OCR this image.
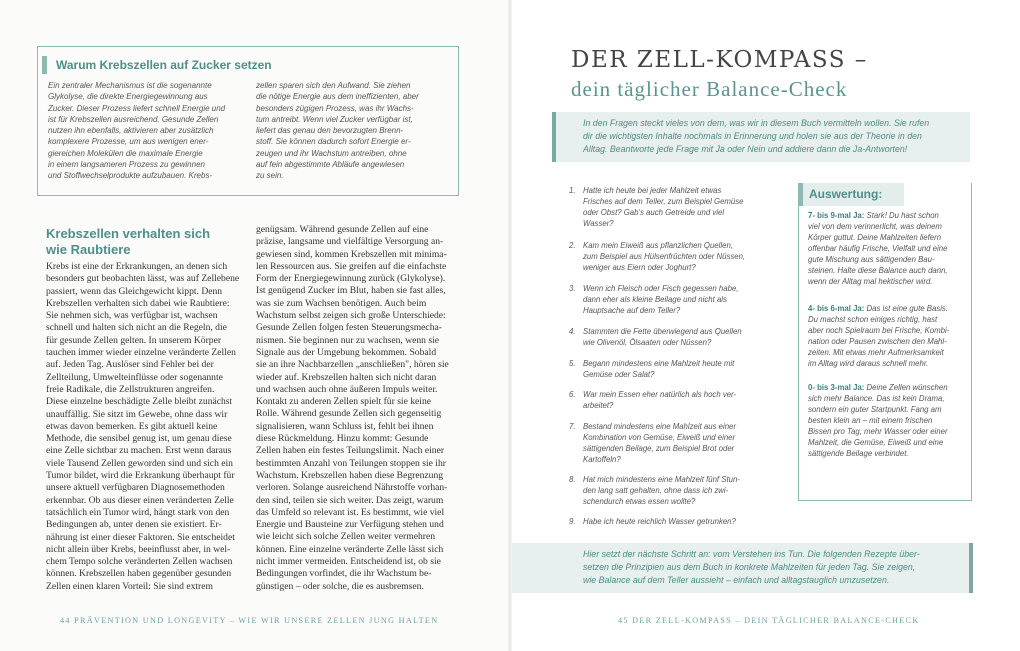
Warum Krebszellen auf Zucker setzen
Ein zentraler Mechanismus ist die sogenannte
Glykolyse, die direkte Energiegewinnung aus
Zucker. Dieser Prozess liefert schnell Energie und
ist für Krebszellen ausreichend. Gesunde Zellen
nutzen ihn ebenfalls, aktivieren aber zusätzlich
komplexere Prozesse, um aus wenigen ener-
giereichen Molekülen die maximale Energie
in einem langsameren Prozess zu gewinnen
und Stoffwechselprodukte aufzubauen. Krebs-
zellen sparen sich den Aufwand. Sie ziehen
die nötige Energie aus dem ineffizienten, aber
besonders zügigen Prozess, was ihr Wachs-
tum antreibt. Wenn viel Zucker verfügbar ist,
liefert das genau den bevorzugten Brenn-
stoff. Sie können dadurch sofort Energie er-
zeugen und ihr Wachstum antreiben, ohne
auf fein abgestimmte Abläufe angewiesen
zu sein.
Krebszellen verhalten sich
wie Raubtiere
Krebs ist eine der Erkrankungen, an denen sich
besonders gut beobachten lässt, was auf Zellebene
passiert, wenn das Gleichgewicht kippt. Denn
Krebszellen verhalten sich dabei wie Raubtiere:
Sie nehmen sich, was verfügbar ist, wachsen
schnell und halten sich nicht an die Regeln, die
für gesunde Zellen gelten. In unserem Körper
tauchen immer wieder einzelne veränderte Zellen
auf. Jeden Tag. Auslöser sind Fehler bei der
Zellteilung, Umwelteinflüsse oder sogenannte
freie Radikale, die Zellstrukturen angreifen.
Diese einzelne beschädigte Zelle bleibt zunächst
unauffällig. Sie sitzt im Gewebe, ohne dass wir
etwas davon bemerken. Es gibt aktuell keine
Methode, die sensibel genug ist, um genau diese
eine Zelle sichtbar zu machen. Erst wenn daraus
viele Tausend Zellen geworden sind und sich ein
Tumor bildet, wird die Erkrankung überhaupt für
unsere aktuell verfügbaren Diagnosemethoden
erkennbar. Ob aus dieser einen veränderten Zelle
tatsächlich ein Tumor wird, hängt stark von den
Bedingungen ab, unter denen sie existiert. Er-
nährung ist einer dieser Faktoren. Sie entscheidet
nicht allein über Krebs, beeinflusst aber, in wel-
chem Tempo solche veränderten Zellen wachsen
können. Krebszellen haben gegenüber gesunden
Zellen einen klaren Vorteil: Sie sind extrem
genügsam. Während gesunde Zellen auf eine
präzise, langsame und vielfältige Versorgung an-
gewiesen sind, kommen Krebszellen mit minima-
len Ressourcen aus. Sie greifen auf die einfachste
Form der Energiegewinnung zurück (Glykolyse).
Ist genügend Zucker im Blut, haben sie fast alles,
was sie zum Wachsen benötigen. Auch beim
Wachstum selbst zeigen sich große Unterschiede:
Gesunde Zellen folgen festen Steuerungsmecha-
nismen. Sie beginnen nur zu wachsen, wenn sie
Signale aus der Umgebung bekommen. Sobald
sie an ihre Nachbarzellen „anschließen", hören sie
wieder auf. Krebszellen halten sich nicht daran
und wachsen auch ohne äußeren Impuls weiter.
Kontakt zu anderen Zellen spielt für sie keine
Rolle. Während gesunde Zellen sich gegenseitig
signalisieren, wann Schluss ist, fehlt bei ihnen
diese Rückmeldung. Hinzu kommt: Gesunde
Zellen haben ein festes Teilungslimit. Nach einer
bestimmten Anzahl von Teilungen stoppen sie ihr
Wachstum. Krebszellen haben diese Begrenzung
verloren. Solange ausreichend Nährstoffe vorhan-
den sind, teilen sie sich weiter. Das zeigt, warum
das Umfeld so relevant ist. Es bestimmt, wie viel
Energie und Bausteine zur Verfügung stehen und
wie leicht sich solche Zellen weiter vermehren
können. Eine einzelne veränderte Zelle lässt sich
nicht immer vermeiden. Entscheidend ist, ob sie
Bedingungen vorfindet, die ihr Wachstum be-
günstigen – oder solche, die es ausbremsen.
44 PRÄVENTION UND LONGEVITY – WIE WIR UNSERE ZELLEN JUNG HALTEN
DER ZELL-KOMPASS –
dein täglicher Balance-Check
In den Fragen steckt vieles von dem, was wir in diesem Buch vermitteln wollen. Sie rufen
dir die wichtigsten Inhalte nochmals in Erinnerung und holen sie aus der Theorie in den
Alltag. Beantworte jede Frage mit Ja oder Nein und addiere dann die Ja-Antworten!
1. Hatte ich heute bei jeder Mahlzeit etwas
Frisches auf dem Teller, zum Beispiel Gemüse
oder Obst? Gab's auch Getreide und viel
Wasser?
2. Kam mein Eiweiß aus pflanzlichen Quellen,
zum Beispiel aus Hülsenfrüchten oder Nüssen,
weniger aus Eiern oder Joghurt?
3. Wenn ich Fleisch oder Fisch gegessen habe,
dann eher als kleine Beilage und nicht als
Hauptsache auf dem Teller?
4. Stammten die Fette überwiegend aus Quellen
wie Olivenöl, Ölsaaten oder Nüssen?
5. Begann mindestens eine Mahlzeit heute mit
Gemüse oder Salat?
6. War mein Essen eher natürlich als hoch ver-
arbeitet?
7. Bestand mindestens eine Mahlzeit aus einer
Kombination von Gemüse, Eiweiß und einer
sättigenden Beilage, zum Beispiel Brot oder
Kartoffeln?
8. Hat mich mindestens eine Mahlzeit fünf Stun-
den lang satt gehalten, ohne dass ich zwi-
schendurch etwas essen wollte?
9. Habe ich heute reichlich Wasser getrunken?
Auswertung:
7- bis 9-mal Ja: Stark! Du hast schon
viel von dem verinnerlicht, was deinem
Körper guttut. Deine Mahlzeiten liefern
offenbar häufig Frische, Vielfalt und eine
gute Mischung aus sättigenden Bau-
steinen. Halte diese Balance auch dann,
wenn der Alltag mal hektischer wird.
4- bis 6-mal Ja: Das ist eine gute Basis.
Du machst schon einiges richtig, hast
aber noch Spielraum bei Frische, Kombi-
nation oder Pausen zwischen den Mahl-
zeiten. Mit etwas mehr Aufmerksamkeit
im Alltag wird daraus schnell mehr.
0- bis 3-mal Ja: Deine Zellen wünschen
sich mehr Balance. Das ist kein Drama,
sondern ein guter Startpunkt. Fang am
besten klein an – mit einem frischen
Bissen pro Tag, mehr Wasser oder einer
Mahlzeit, die Gemüse, Eiweiß und eine
sättigende Beilage verbindet.
Hier setzt der nächste Schritt an: vom Verstehen ins Tun. Die folgenden Rezepte über-
setzen die Prinzipien aus dem Buch in konkrete Mahlzeiten für jeden Tag. Sie zeigen,
wie Balance auf dem Teller aussieht – einfach und alltagstauglich umzusetzen.
45 DER ZELL-KOMPASS – DEIN TÄGLICHER BALANCE-CHECK
